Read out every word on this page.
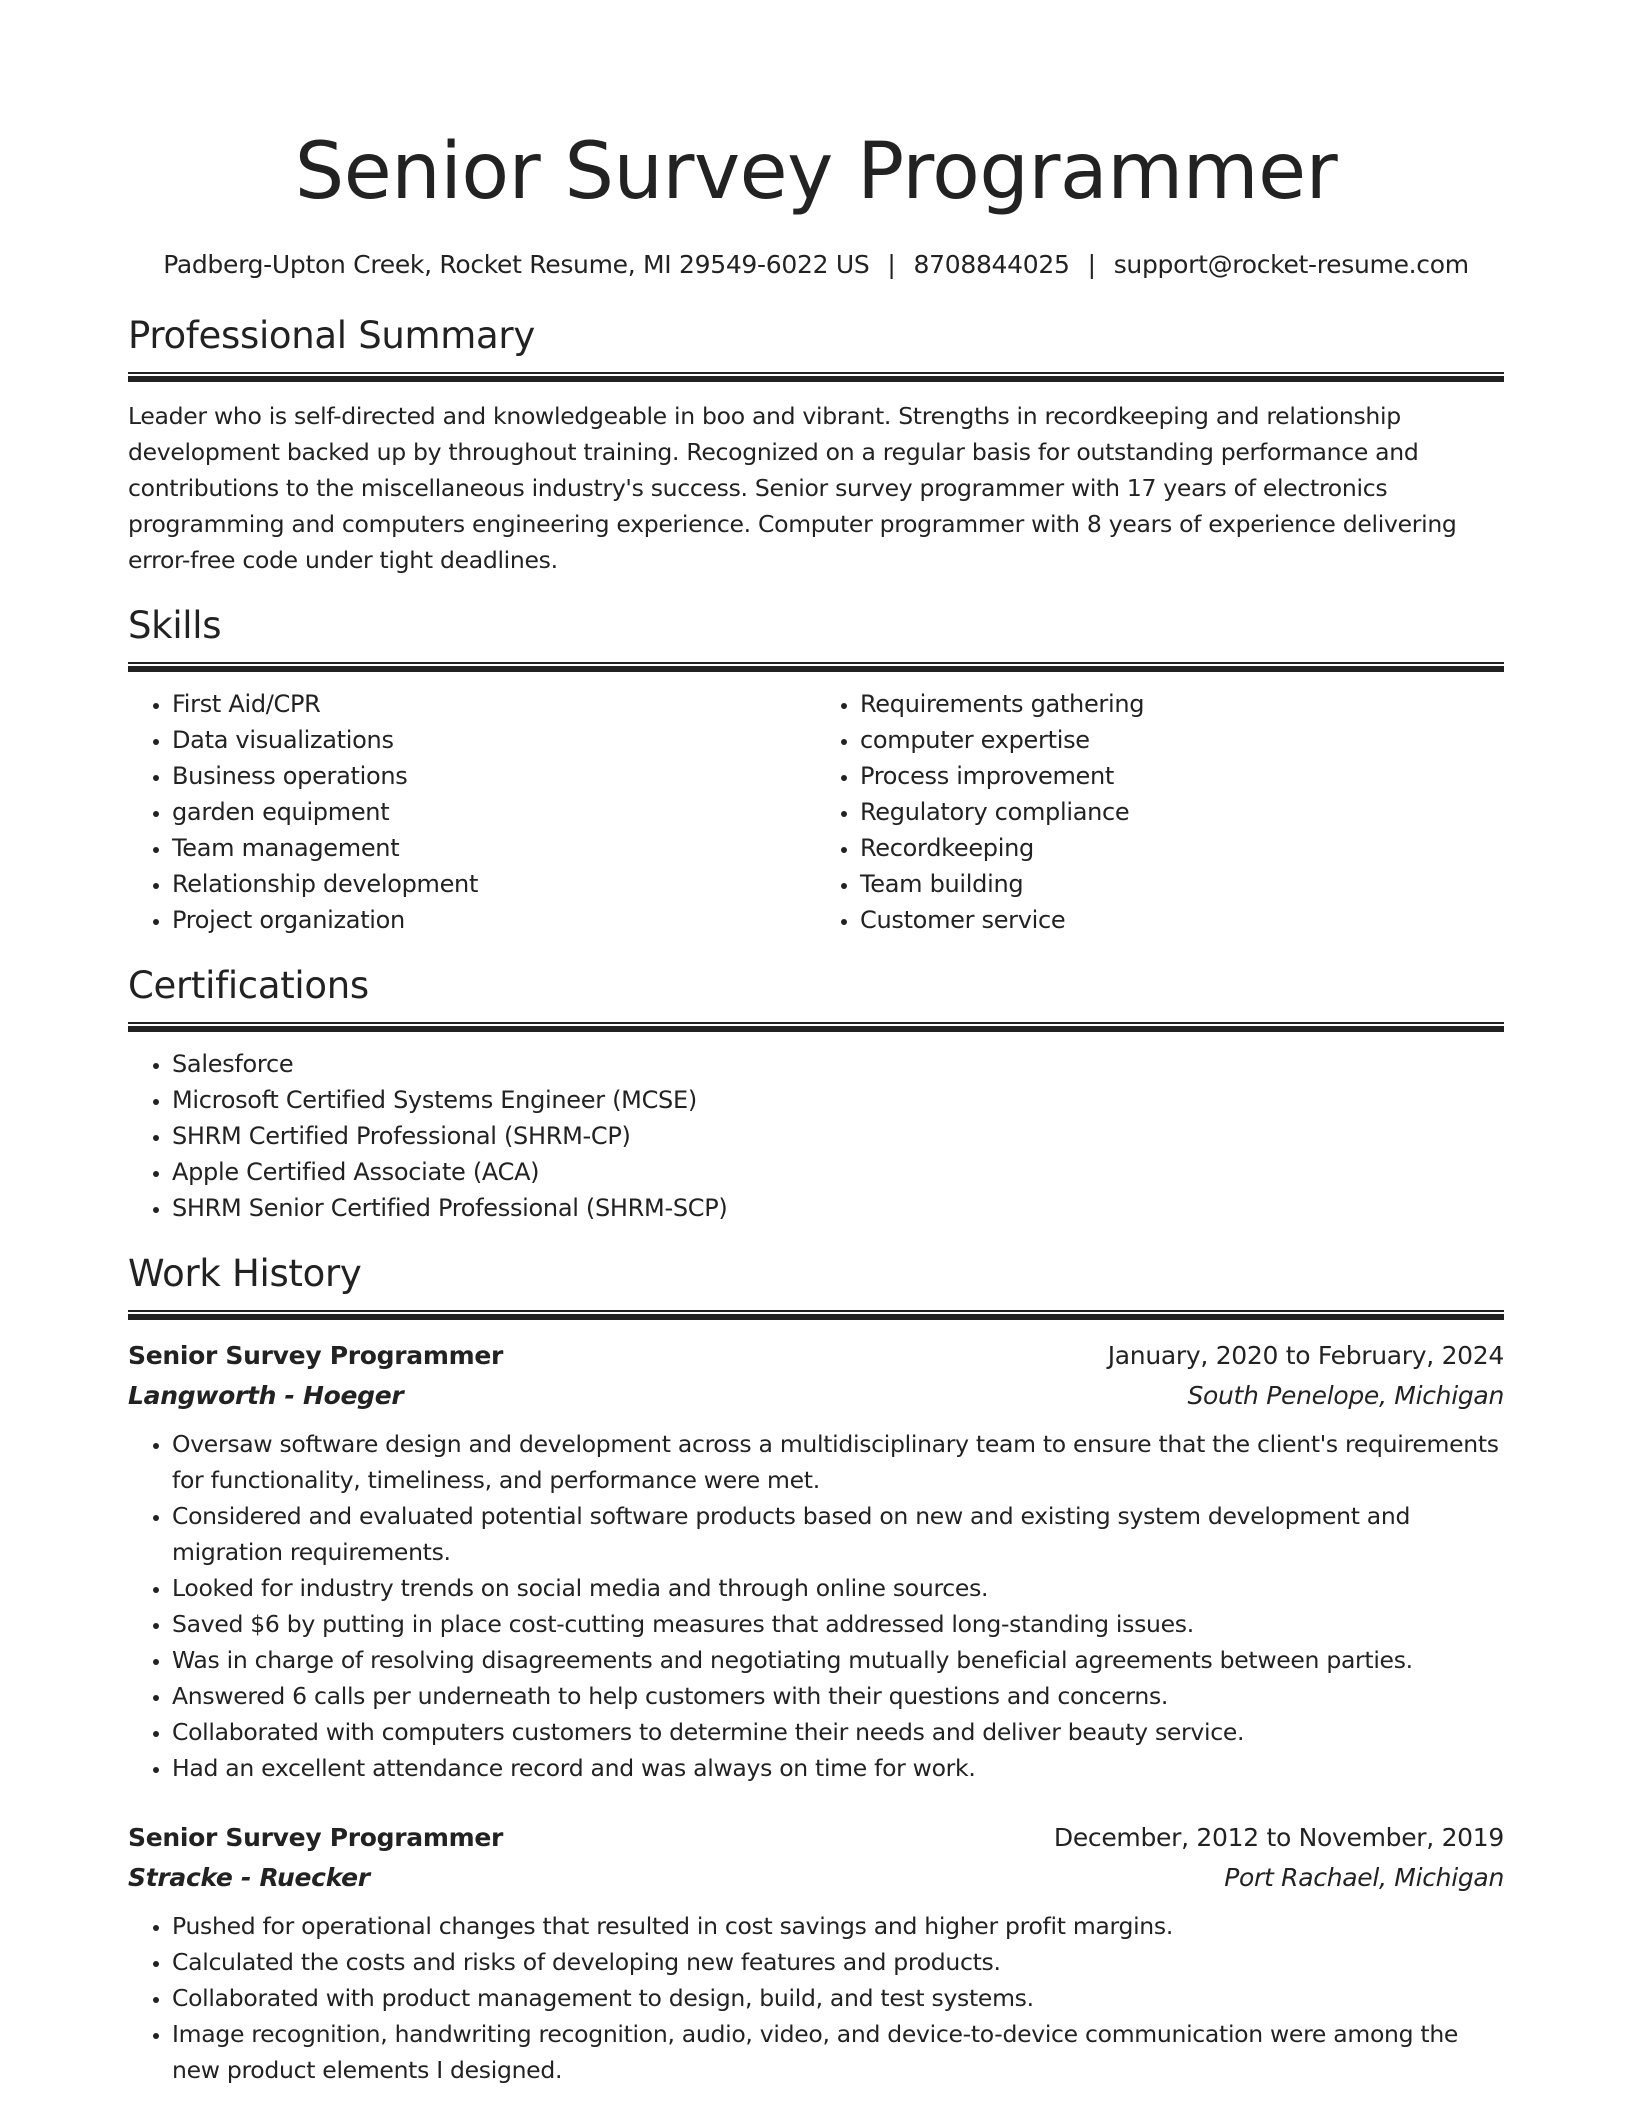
Senior Survey Programmer
Padberg-Upton Creek, Rocket Resume, MI 29549-6022 US | 8708844025 | support@rocket-resume.com
Professional Summary
Leader who is self-directed and knowledgeable in boo and vibrant. Strengths in recordkeeping and relationship development backed up by throughout training. Recognized on a regular basis for outstanding performance and contributions to the miscellaneous industry's success. Senior survey programmer with 17 years of electronics programming and computers engineering experience. Computer programmer with 8 years of experience delivering error-free code under tight deadlines.
Skills
• First Aid/CPR
• Data visualizations
• Business operations
• garden equipment
• Team management
• Relationship development
• Project organization
• Requirements gathering
• computer expertise
• Process improvement
• Regulatory compliance
• Recordkeeping
• Team building
• Customer service
Certifications
• Salesforce
• Microsoft Certified Systems Engineer (MCSE)
• SHRM Certified Professional (SHRM-CP)
• Apple Certified Associate (ACA)
• SHRM Senior Certified Professional (SHRM-SCP)
Work History
Senior Survey Programmer	January, 2020 to February, 2024
Langworth - Hoeger	South Penelope, Michigan
• Oversaw software design and development across a multidisciplinary team to ensure that the client's requirements for functionality, timeliness, and performance were met.
• Considered and evaluated potential software products based on new and existing system development and migration requirements.
• Looked for industry trends on social media and through online sources.
• Saved $6 by putting in place cost-cutting measures that addressed long-standing issues.
• Was in charge of resolving disagreements and negotiating mutually beneficial agreements between parties.
• Answered 6 calls per underneath to help customers with their questions and concerns.
• Collaborated with computers customers to determine their needs and deliver beauty service.
• Had an excellent attendance record and was always on time for work.
Senior Survey Programmer	December, 2012 to November, 2019
Stracke - Ruecker	Port Rachael, Michigan
• Pushed for operational changes that resulted in cost savings and higher profit margins.
• Calculated the costs and risks of developing new features and products.
• Collaborated with product management to design, build, and test systems.
• Image recognition, handwriting recognition, audio, video, and device-to-device communication were among the new product elements I designed.
